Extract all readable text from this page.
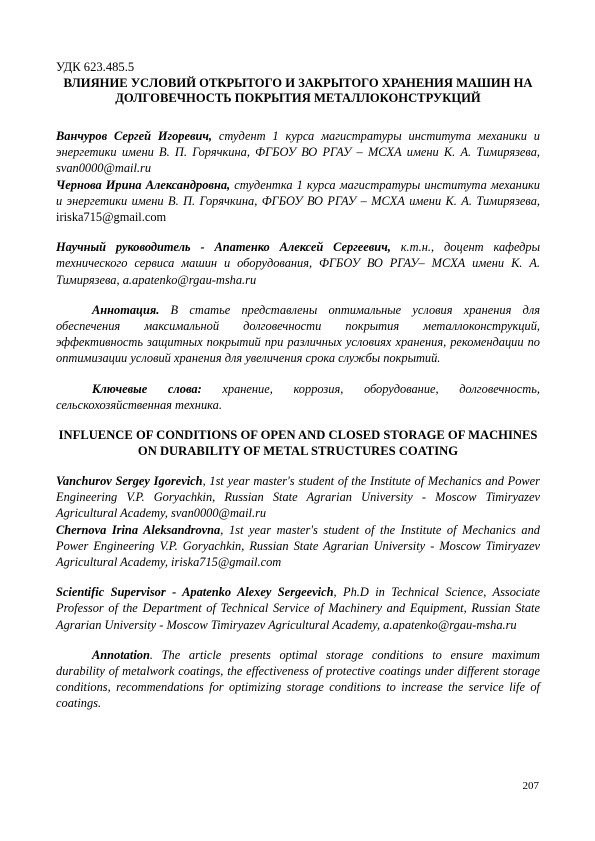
УДК 623.485.5

ВЛИЯНИЕ УСЛОВИЙ ОТКРЫТОГО И ЗАКРЫТОГО ХРАНЕНИЯ МАШИН НА ДОЛГОВЕЧНОСТЬ ПОКРЫТИЯ МЕТАЛЛОКОНСТРУКЦИЙ

Ванчуров Сергей Игоревич, студент 1 курса магистратуры института механики и энергетики имени В. П. Горячкина, ФГБОУ ВО РГАУ – МСХА имени К. А. Тимирязева, svan0000@mail.ru

Чернова Ирина Александровна, студентка 1 курса магистратуры института механики и энергетики имени В. П. Горячкина, ФГБОУ ВО РГАУ – МСХА имени К. А. Тимирязева, iriska715@gmail.com

Научный руководитель - Апатенко Алексей Сергеевич, к.т.н., доцент кафедры технического сервиса машин и оборудования, ФГБОУ ВО РГАУ– МСХА имени К. А. Тимирязева, a.apatenko@rgau-msha.ru

Аннотация. В статье представлены оптимальные условия хранения для обеспечения максимальной долговечности покрытия металлоконструкций, эффективность защитных покрытий при различных условиях хранения, рекомендации по оптимизации условий хранения для увеличения срока службы покрытий.

Ключевые слова: хранение, коррозия, оборудование, долговечность, сельскохозяйственная техника.

INFLUENCE OF CONDITIONS OF OPEN AND CLOSED STORAGE OF MACHINES ON DURABILITY OF METAL STRUCTURES COATING

Vanchurov Sergey Igorevich, 1st year master's student of the Institute of Mechanics and Power Engineering V.P. Goryachkin, Russian State Agrarian University - Moscow Timiryazev Agricultural Academy, svan0000@mail.ru

Chernova Irina Aleksandrovna, 1st year master's student of the Institute of Mechanics and Power Engineering V.P. Goryachkin, Russian State Agrarian University - Moscow Timiryazev Agricultural Academy, iriska715@gmail.com

Scientific Supervisor - Apatenko Alexey Sergeevich, Ph.D in Technical Science, Associate Professor of the Department of Technical Service of Machinery and Equipment, Russian State Agrarian University - Moscow Timiryazev Agricultural Academy, a.apatenko@rgau-msha.ru

Annotation. The article presents optimal storage conditions to ensure maximum durability of metalwork coatings, the effectiveness of protective coatings under different storage conditions, recommendations for optimizing storage conditions to increase the service life of coatings.

207
